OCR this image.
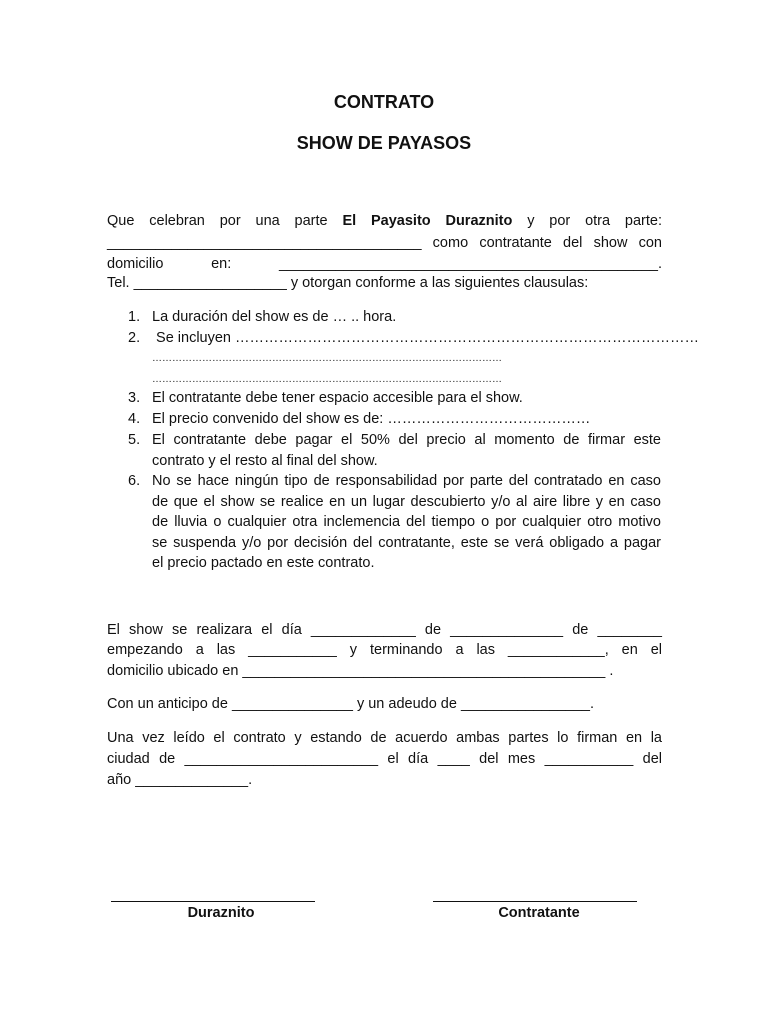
CONTRATO
SHOW DE PAYASOS
Que celebran por una parte El Payasito Duraznito y por otra parte:
_______________________________________ como contratante del show con
domicilio en: _______________________________________________.
Tel. ___________________ y otorgan conforme a las siguientes clausulas:
1. La duración del show es de … .. hora.
2. Se incluyen ……………………………………………………………………………………
……………………………………………………………………………………………
……………………………………………………………………………………………
3. El contratante debe tener espacio accesible para el show.
4. El precio convenido del show es de: ……………………………………
5. El contratante debe pagar el 50% del precio al momento de firmar este
contrato y el resto al final del show.
6. No se hace ningún tipo de responsabilidad por parte del contratado en caso
de que el show se realice en un lugar descubierto y/o al aire libre y en caso
de lluvia o cualquier otra inclemencia del tiempo o por cualquier otro motivo
se suspenda y/o por decisión del contratante, este se verá obligado a pagar
el precio pactado en este contrato.
El show se realizara el día _____________ de ______________ de ________
empezando a las ___________ y terminando a las ____________, en el
domicilio ubicado en _____________________________________________ .
Con un anticipo de _______________ y un adeudo de ________________.
Una vez leído el contrato y estando de acuerdo ambas partes lo firman en la
ciudad de ________________________ el día ____ del mes ___________ del
año ______________.
Duraznito	Contratante
